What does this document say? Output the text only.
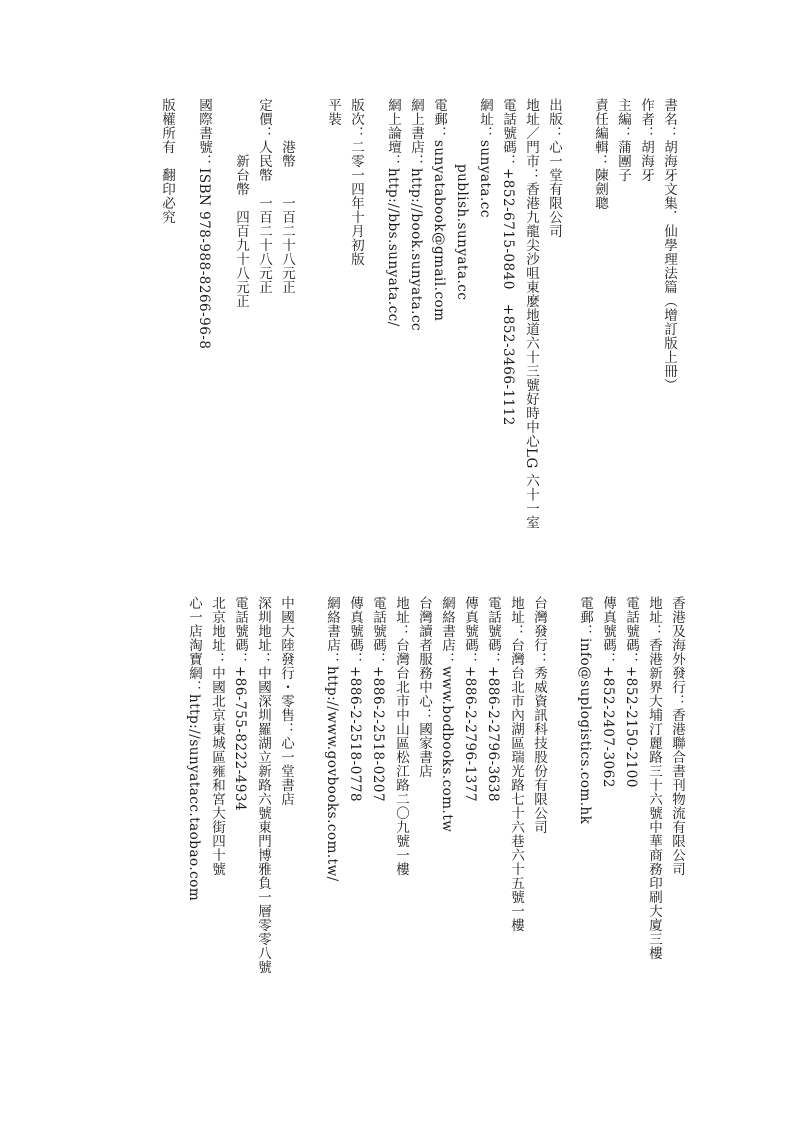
書名：胡海牙文集．仙學理法篇（增訂版上冊）
作者：胡海牙
主編：蒲團子
責任編輯：陳劍聰
出版：心一堂有限公司
地址／門市：香港九龍尖沙咀東麼地道六十三號好時中心LG 六十一室
電話號碼：+852-6715-0840　+852-3466-1112
網址：sunyata.cc
publish.sunyata.cc
電郵：sunyatabook@gmail.com
網上書店：http://book.sunyata.cc
網上論壇：http://bbs.sunyata.cc/
版次：二零一四年十月初版
平裝
港幣　　一百二十八元正
定價：人民幣　一百二十八元正
新台幣　四百九十八元正
國際書號：ISBN 978-988-8266-96-8
版權所有　翻印必究
香港及海外發行：香港聯合書刊物流有限公司
地址：香港新界大埔汀麗路三十六號中華商務印刷大廈三樓
電話號碼：+852-2150-2100
傳真號碼：+852-2407-3062
電郵：info@suplogistics.com.hk
台灣發行：秀威資訊科技股份有限公司
地址：台灣台北市內湖區瑞光路七十六巷六十五號一樓
電話號碼：+886-2-2796-3638
傳真號碼：+886-2-2796-1377
網絡書店：www.bodbooks.com.tw
台灣讀者服務中心：國家書店
地址：台灣台北市中山區松江路二〇九號一樓
電話號碼：+886-2-2518-0207
傳真號碼：+886-2-2518-0778
網絡書店：http://www.govbooks.com.tw/
中國大陸發行・零售：心一堂書店
深圳地址：中國深圳羅湖立新路六號東門博雅負一層零零八號
電話號碼：+86-755-8222-4934
北京地址：中國北京東城區雍和宮大街四十號
心一店淘寶網：http://sunyatacc.taobao.com
